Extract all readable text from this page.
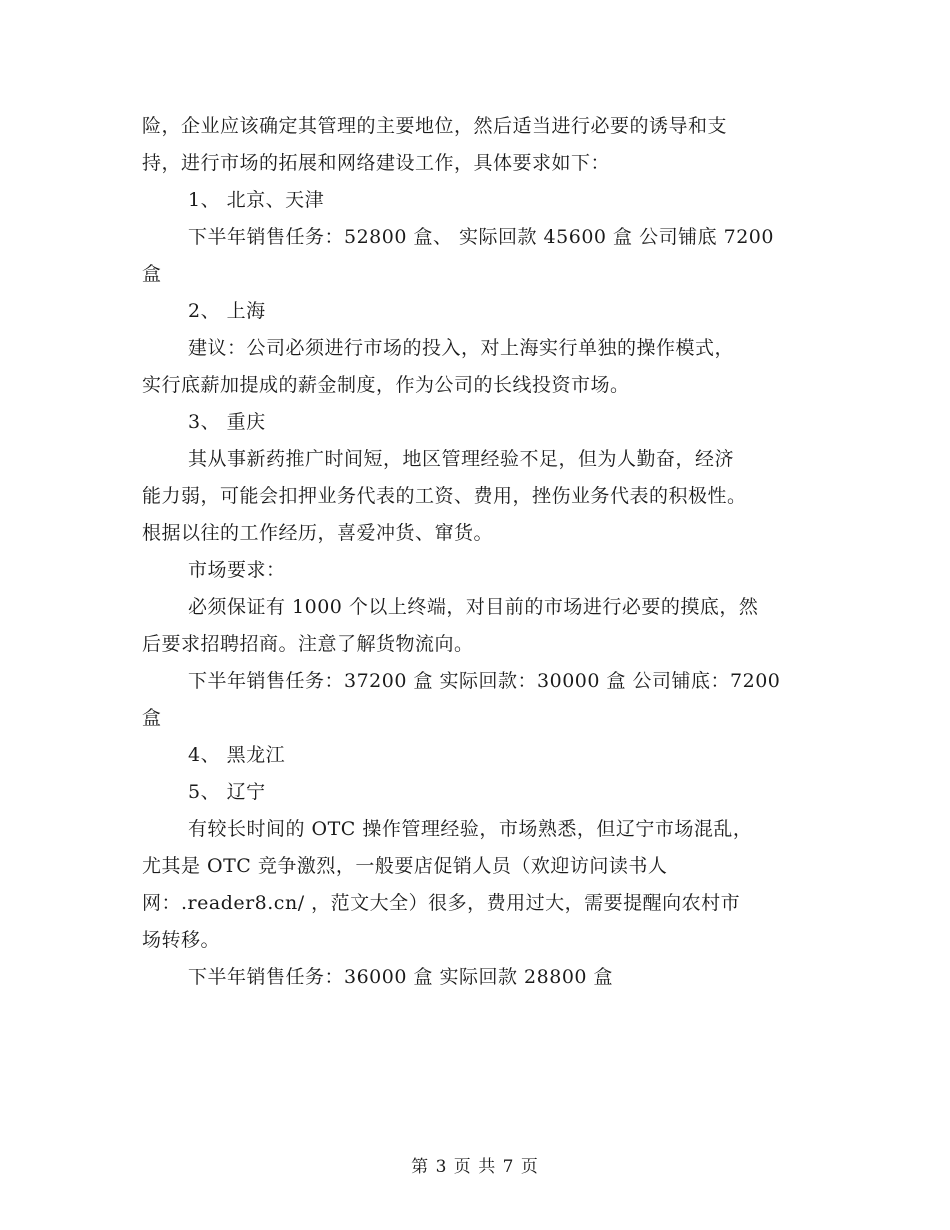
险，企业应该确定其管理的主要地位，然后适当进行必要的诱导和支
持，进行市场的拓展和网络建设工作，具体要求如下：
1、 北京、天津
下半年销售任务：52800 盒、 实际回款 45600 盒 公司铺底 7200
盒
2、 上海
建议：公司必须进行市场的投入，对上海实行单独的操作模式，
实行底薪加提成的薪金制度，作为公司的长线投资市场。
3、 重庆
其从事新药推广时间短，地区管理经验不足，但为人勤奋，经济
能力弱，可能会扣押业务代表的工资、费用，挫伤业务代表的积极性。
根据以往的工作经历，喜爱冲货、窜货。
市场要求：
必须保证有 1000 个以上终端，对目前的市场进行必要的摸底，然
后要求招聘招商。注意了解货物流向。
下半年销售任务：37200 盒 实际回款：30000 盒 公司铺底：7200
盒
4、 黑龙江
5、 辽宁
有较长时间的 OTC 操作管理经验，市场熟悉，但辽宁市场混乱，
尤其是 OTC 竞争激烈，一般要店促销人员（欢迎访问读书人
网：.reader8.cn/ ，范文大全）很多，费用过大，需要提醒向农村市
场转移。
下半年销售任务：36000 盒 实际回款 28800 盒
第 3 页 共 7 页
